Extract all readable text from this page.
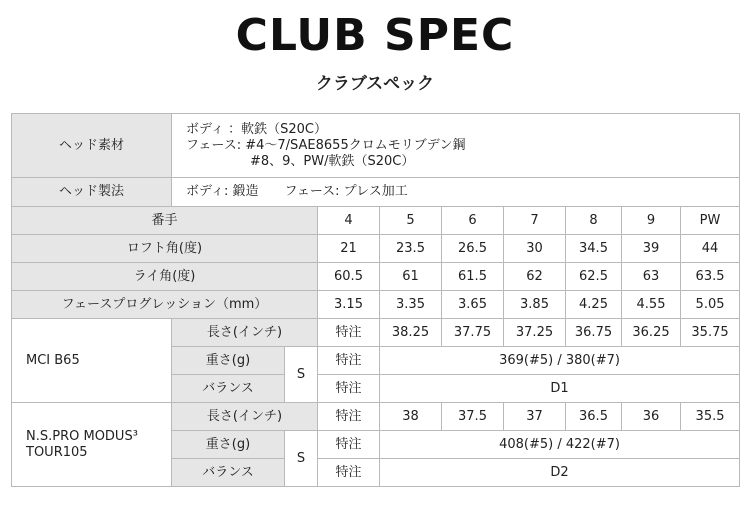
CLUB SPEC
クラブスペック
ヘッド素材	ボディ ：軟鉄（S20C）
フェース: #4〜7/SAE8655クロムモリブデン鋼
#8、9、PW/軟鉄（S20C）								

ヘッド製法	ボディ: 鍛造　　フェース: プレス加工								
番手			4	5	6	7	8	9	PW
ロフト角(度)			21	23.5	26.5	30	34.5	39	44
ライ角(度)			60.5	61	61.5	62	62.5	63	63.5
フェースプログレッション（mm）			3.15	3.35	3.65	3.85	4.25	4.55	5.05
MCI B65	長さ(インチ)		特注	38.25	37.75	37.25	36.75	36.25	35.75
	重さ(g)	S	特注	369(#5) / 380(#7)					
	バランス		特注	D1					

N.S.PRO MODUS³
TOUR105	長さ(インチ)		特注	38	37.5	37	36.5	36	35.5
	重さ(g)	S	特注	408(#5) / 422(#7)					
	バランス		特注	D2					
